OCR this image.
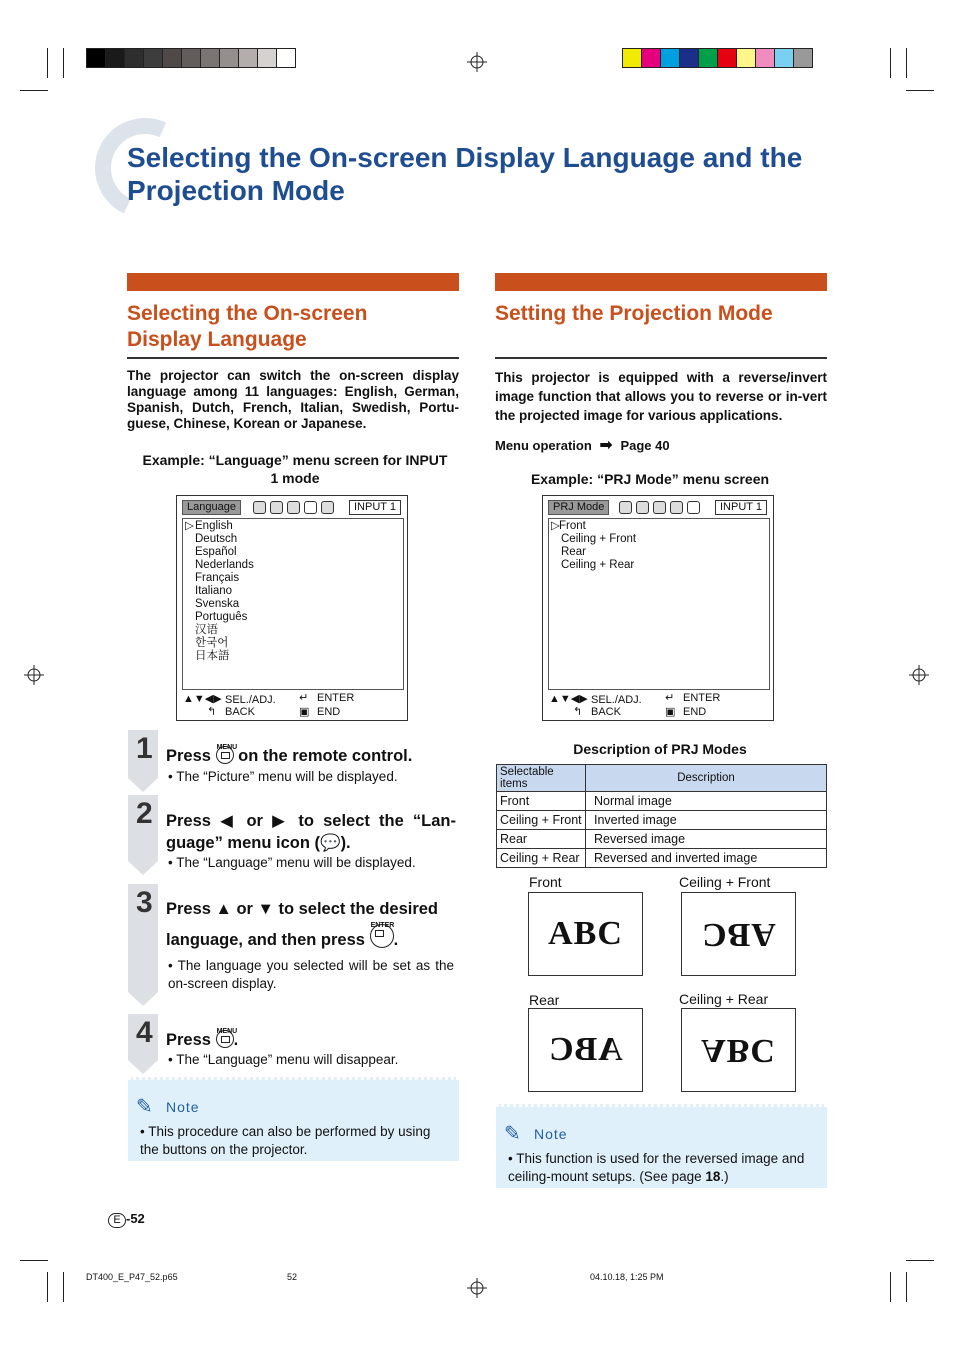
Selecting the On-screen Display Language and the Projection Mode
Selecting the On-screen Display Language
The projector can switch the on-screen display language among 11 languages: English, German, Spanish, Dutch, French, Italian, Swedish, Portu-guese, Chinese, Korean or Japanese.
Example: “Language” menu screen for INPUT 1 mode
Language	INPUT 1
▷ English
Deutsch
Español
Nederlands
Français
Italiano
Svenska
Português
汉语
한국어
日本語
▲▼◀▶ SEL./ADJ. ↵ ENTER
↰ BACK	▣ END
1 Press MENU on the remote control.
• The “Picture” menu will be displayed.
2 Press ◀ or ▶ to select the “Lan-guage” menu icon (💬).
• The “Language” menu will be displayed.
3 Press ▲ or ▼ to select the desired
language, and then press
ENTER
.
• The language you selected will be set as the on-screen display.
4 Press MENU
.
• The “Language” menu will disappear.
✎ Note
• This procedure can also be performed by using the buttons on the projector.
Setting the Projection Mode
This projector is equipped with a reverse/invert image function that allows you to reverse or in-vert the projected image for various applications.
Menu operation ➡ Page 40
Example: “PRJ Mode” menu screen
PRJ Mode	INPUT 1
▷ Front
Ceiling + Front
Rear
Ceiling + Rear
▲▼◀▶ SEL./ADJ. ↵ ENTER
↰ BACK	▣ END
Description of PRJ Modes
Selectable items	Description
Front	Normal image
Ceiling + Front	Inverted image
Rear	Reversed image
Ceiling + Rear	Reversed and inverted image
Front	Ceiling + Front
ABC ABC
Rear	Ceiling + Rear
ABC ABC
✎ Note
• This function is used for the reversed image and ceiling-mount setups. (See page 18.)
E -52
DT400_E_P47_52.p65	52	04.10.18, 1:25 PM
